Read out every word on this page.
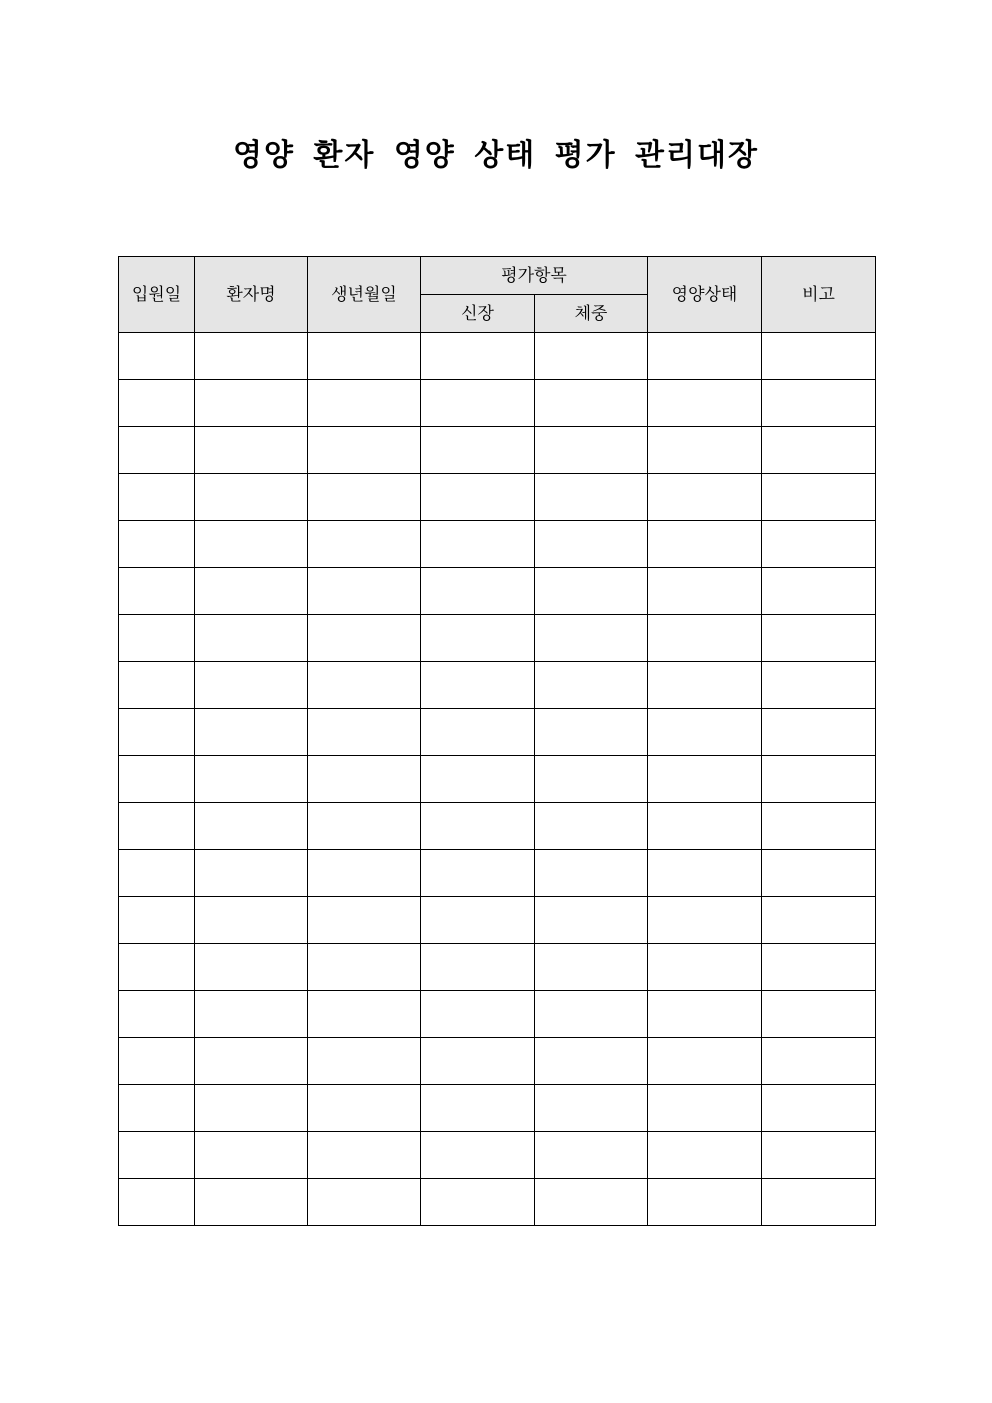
영양 환자 영양 상태 평가 관리대장
입원일	환자명	생년월일	평가항목		영양상태	비고
			신장	체중		
